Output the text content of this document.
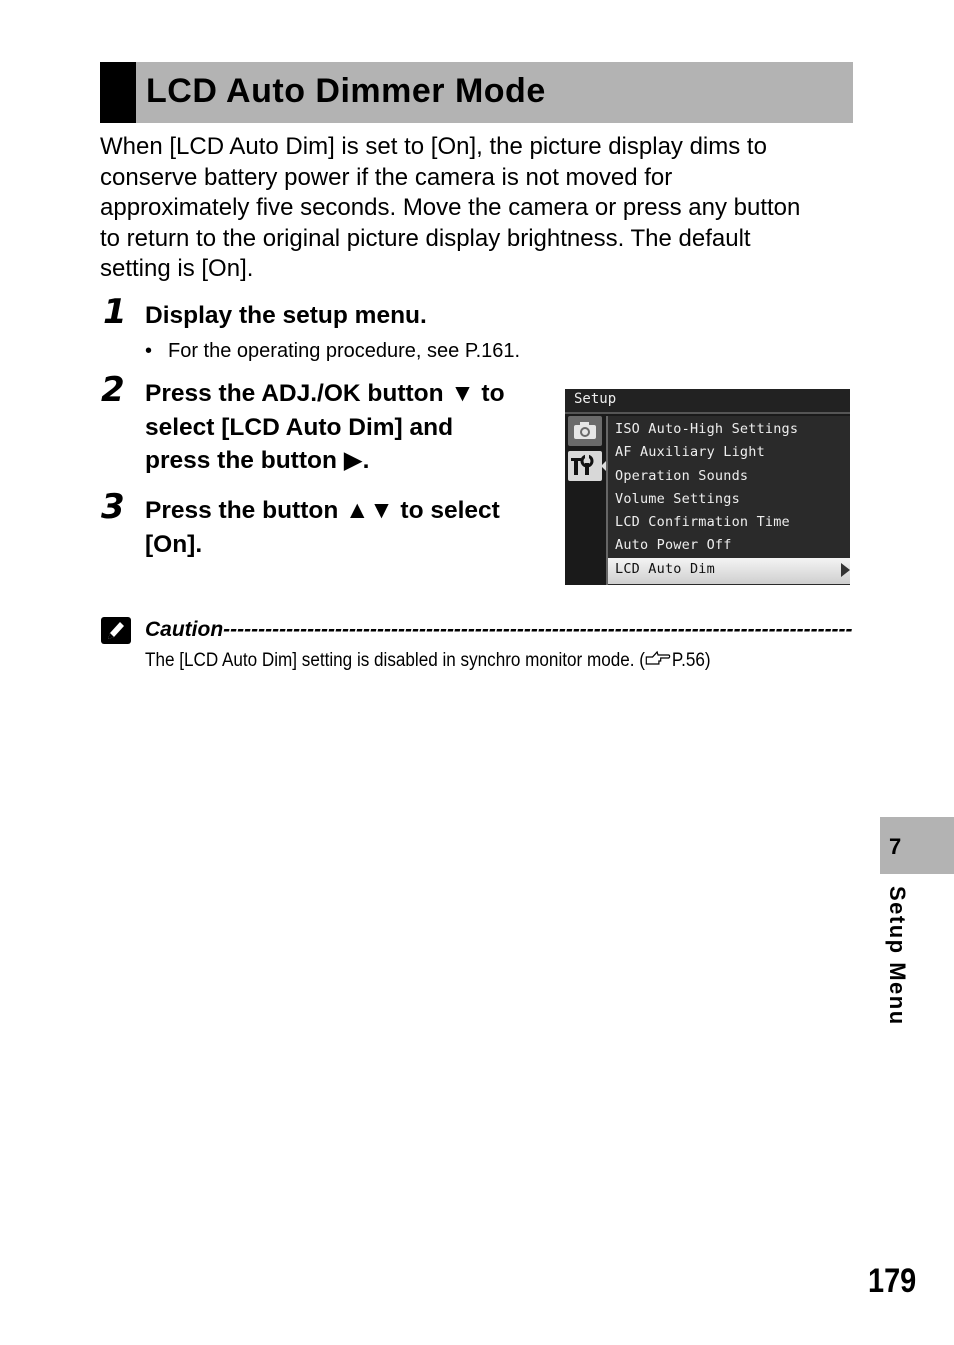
LCD Auto Dimmer Mode
When [LCD Auto Dim] is set to [On], the picture display dims to
conserve battery power if the camera is not moved for
approximately five seconds. Move the camera or press any button
to return to the original picture display brightness. The default
setting is [On].
1 Display the setup menu.
• For the operating procedure, see P.161.
2 Press the ADJ./OK button ▼ to
select [LCD Auto Dim] and
press the button ▶.
3 Press the button ▲▼ to select
[On].
Setup
ISO Auto-High Settings
AF Auxiliary Light
Operation Sounds
Volume Settings
LCD Confirmation Time
Auto Power Off
LCD Auto Dim
Caution------------------------------------------------------------------------------------------
The [LCD Auto Dim] setting is disabled in synchro monitor mode. ( P.56)
7
Setup Menu
179
